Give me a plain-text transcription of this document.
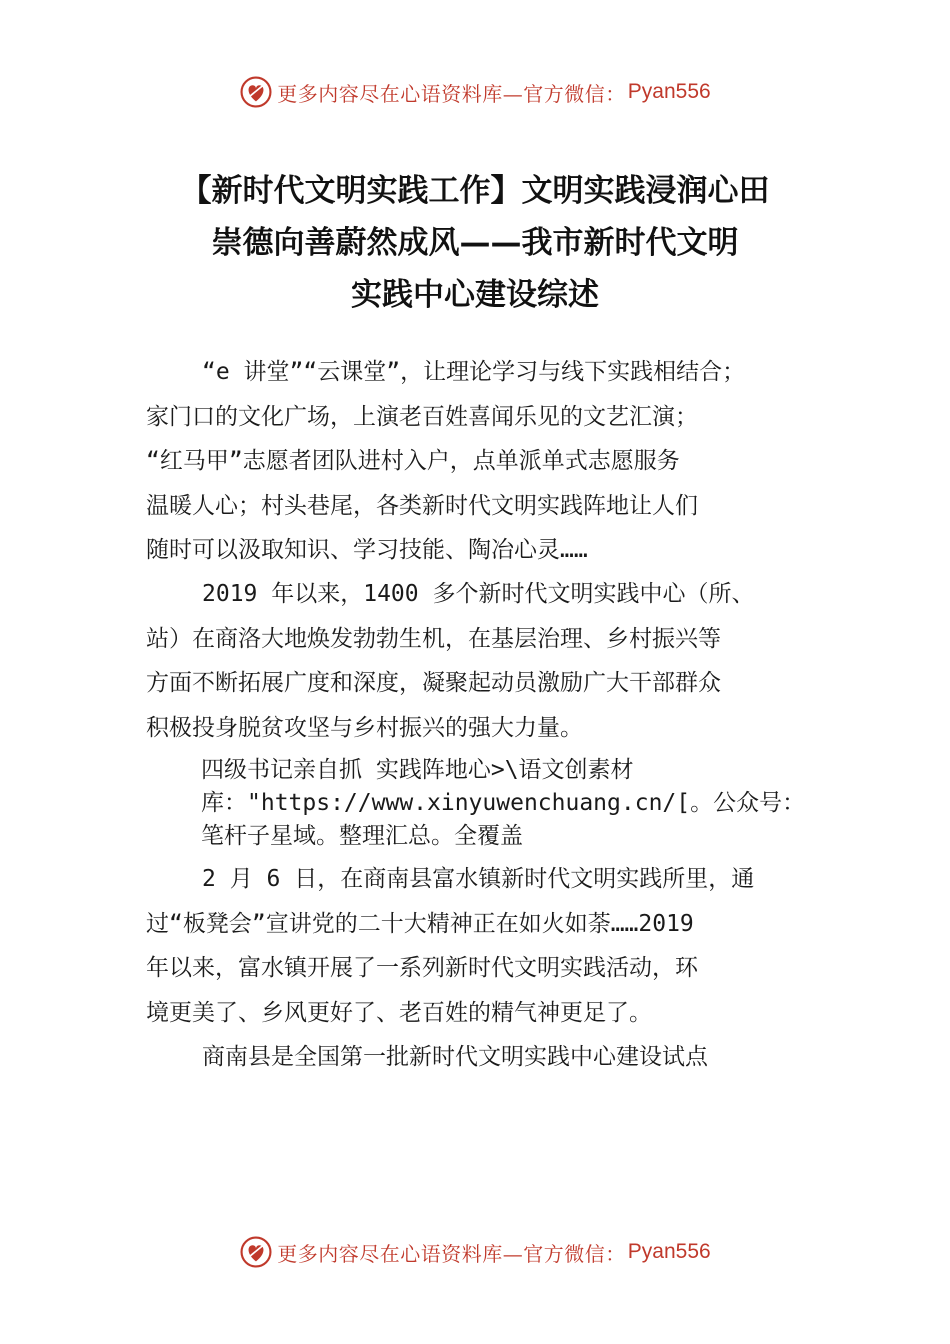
更多内容尽在心语资料库—官方微信： Pyan556
【新时代文明实践工作】文明实践浸润心田
崇德向善蔚然成风——我市新时代文明
实践中心建设综述
“e 讲堂”“云课堂”，让理论学习与线下实践相结合；
家门口的文化广场，上演老百姓喜闻乐见的文艺汇演；
“红马甲”志愿者团队进村入户，点单派单式志愿服务
温暖人心；村头巷尾，各类新时代文明实践阵地让人们
随时可以汲取知识、学习技能、陶冶心灵……
2019 年以来，1400 多个新时代文明实践中心（所、
站）在商洛大地焕发勃勃生机，在基层治理、乡村振兴等
方面不断拓展广度和深度，凝聚起动员激励广大干部群众
积极投身脱贫攻坚与乡村振兴的强大力量。
四级书记亲自抓 实践阵地心>\语文创素材
库："https://www.xinyuwenchuang.cn/[。公众号：
笔杆子星域。整理汇总。全覆盖
2 月 6 日，在商南县富水镇新时代文明实践所里，通
过“板凳会”宣讲党的二十大精神正在如火如荼……2019
年以来，富水镇开展了一系列新时代文明实践活动，环
境更美了、乡风更好了、老百姓的精气神更足了。
商南县是全国第一批新时代文明实践中心建设试点
更多内容尽在心语资料库—官方微信： Pyan556
